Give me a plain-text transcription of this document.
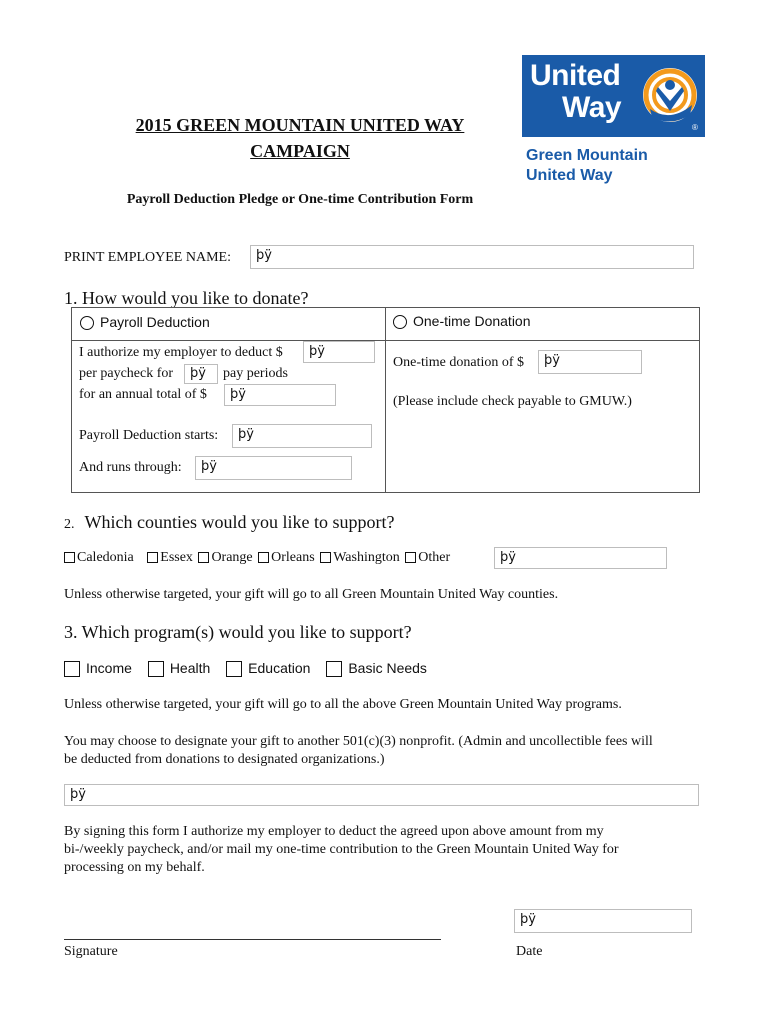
2015 GREEN MOUNTAIN UNITED WAY
CAMPAIGN
Payroll Deduction Pledge or One-time Contribution Form
United
Way
®
Green Mountain
United Way
PRINT EMPLOYEE NAME:	þÿ
1. How would you like to donate?
Payroll Deduction	One-time Donation
I authorize my employer to deduct $	þÿ
per paycheck for	þÿ	pay periods
for an annual total of $	þÿ
Payroll Deduction starts:	þÿ
And runs through:	þÿ
One-time donation of $	þÿ
(Please include check payable to GMUW.)
2. Which counties would you like to support?
Caledonia Essex Orange Orleans Washington Other	þÿ
Unless otherwise targeted, your gift will go to all Green Mountain United Way counties.
3. Which program(s) would you like to support?
Income	Health	Education	Basic Needs
Unless otherwise targeted, your gift will go to all the above Green Mountain United Way programs.
You may choose to designate your gift to another 501(c)(3) nonprofit. (Admin and uncollectible fees will
be deducted from donations to designated organizations.)
þÿ
By signing this form I authorize my employer to deduct the agreed upon above amount from my
bi-/weekly paycheck, and/or mail my one-time contribution to the Green Mountain United Way for
processing on my behalf.
þÿ
Signature	Date
